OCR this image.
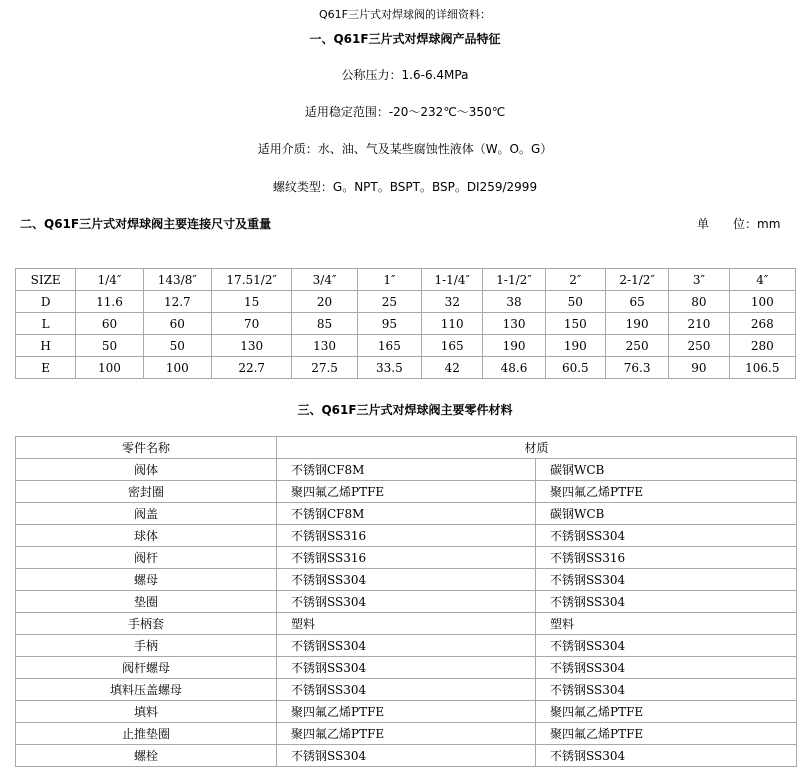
Q61F三片式对焊球阀的详细资料：
一、Q61F三片式对焊球阀产品特征
公称压力：1.6-6.4MPa
适用稳定范围：-20～232℃～350℃
适用介质：水、油、气及某些腐蚀性液体（W。O。G）
螺纹类型：G。NPT。BSPT。BSP。DI259/2999
二、Q61F三片式对焊球阀主要连接尺寸及重量	单　　位：mm
SIZE	1/4″	143/8″	17.51/2″	3/4″	1″	1-1/4″	1-1/2″	2″	2-1/2″	3″	4″
D	11.6	12.7	15	20	25	32	38	50	65	80	100
L	60	60	70	85	95	110	130	150	190	210	268
H	50	50	130	130	165	165	190	190	250	250	280
E	100	100	22.7	27.5	33.5	42	48.6	60.5	76.3	90	106.5
三、Q61F三片式对焊球阀主要零件材料
零件名称	材质	
阀体	不锈钢CF8M	碳钢WCB
密封圈	聚四氟乙烯PTFE	聚四氟乙烯PTFE
阀盖	不锈钢CF8M	碳钢WCB
球体	不锈钢SS316	不锈钢SS304
阀杆	不锈钢SS316	不锈钢SS316
螺母	不锈钢SS304	不锈钢SS304
垫圈	不锈钢SS304	不锈钢SS304
手柄套	塑料	塑料
手柄	不锈钢SS304	不锈钢SS304
阀杆螺母	不锈钢SS304	不锈钢SS304
填料压盖螺母	不锈钢SS304	不锈钢SS304
填料	聚四氟乙烯PTFE	聚四氟乙烯PTFE
止推垫圈	聚四氟乙烯PTFE	聚四氟乙烯PTFE
螺栓	不锈钢SS304	不锈钢SS304
